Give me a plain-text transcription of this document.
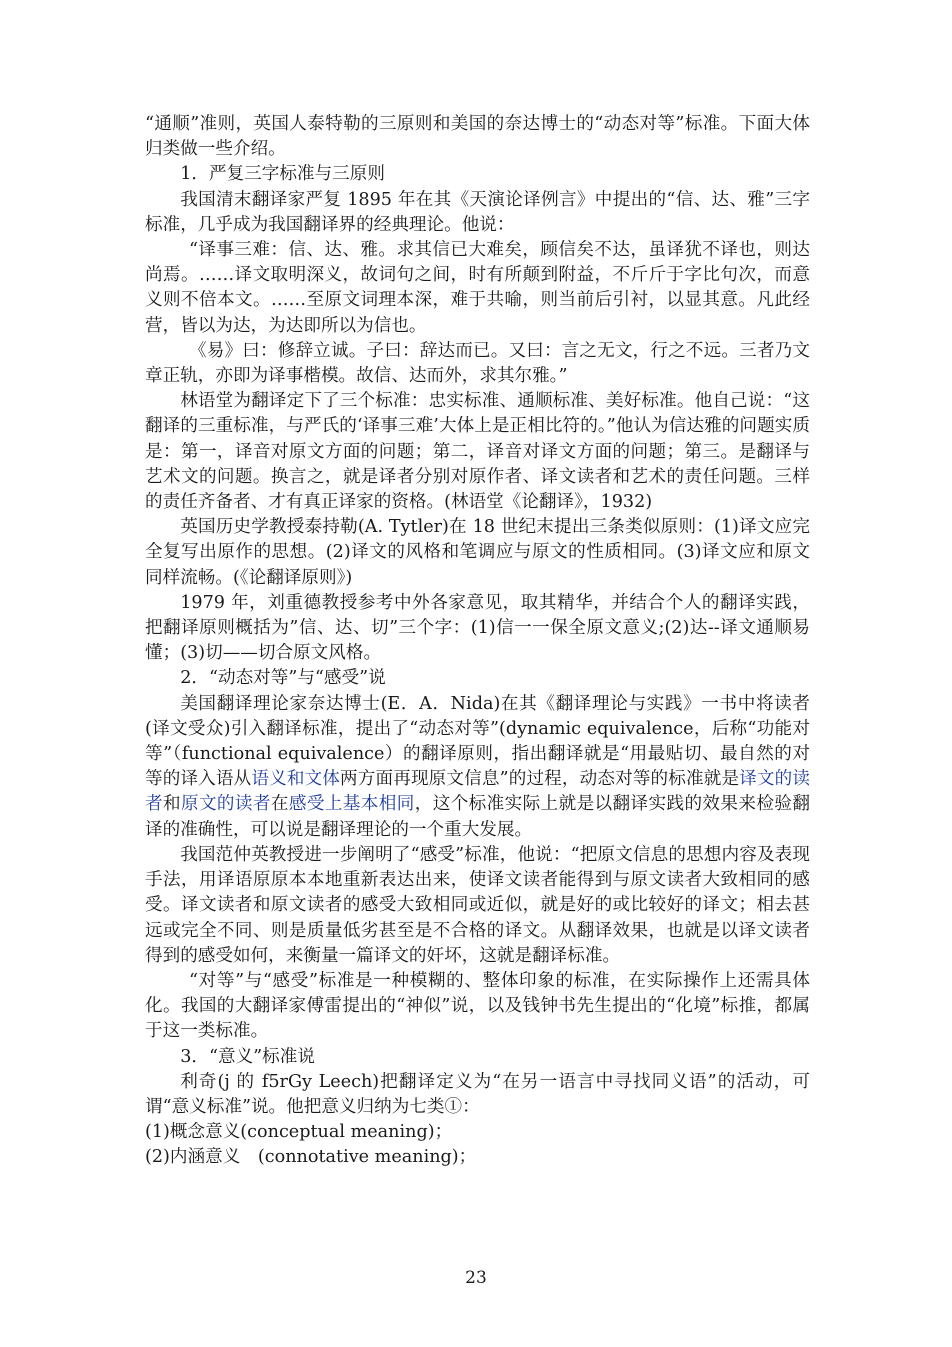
“通顺”准则，英国人泰特勒的三原则和美国的奈达博士的“动态对等”标准。下面大体归类做一些介绍。

1．严复三字标准与三原则

我国清末翻译家严复 1895 年在其《天演论译例言》中提出的“信、达、雅”三字标准，几乎成为我国翻译界的经典理论。他说：

“译事三难：信、达、雅。求其信已大难矣，顾信矣不达，虽译犹不译也，则达尚焉。……译文取明深义，故词句之间，时有所颠到附益，不斤斤于字比句次，而意义则不倍本文。……至原文词理本深，难于共喻，则当前后引衬，以显其意。凡此经营，皆以为达，为达即所以为信也。

《易》曰：修辞立诚。子曰：辞达而已。又曰：言之无文，行之不远。三者乃文章正轨，亦即为译事楷模。故信、达而外，求其尔雅。”

林语堂为翻译定下了三个标准：忠实标准、通顺标准、美好标准。他自己说：“这翻译的三重标准，与严氏的‘译事三难’大体上是正相比符的。”他认为信达雅的问题实质是：第一，译音对原文方面的问题；第二，译音对译文方面的问题；第三。是翻译与艺术文的问题。换言之，就是译者分别对原作者、译文读者和艺术的责任问题。三样的责任齐备者、才有真正译家的资格。(林语堂《论翻译》，1932)

英国历史学教授泰持勒(A. Tytler)在 18 世纪末提出三条类似原则：(1)译文应完全复写出原作的思想。(2)译文的风格和笔调应与原文的性质相同。(3)译文应和原文同样流畅。(《论翻译原则》)

1979 年，刘重德教授参考中外各家意见，取其精华，并结合个人的翻译实践，把翻译原则概括为”信、达、切”三个字：(1)信一一保全原文意义;(2)达--译文通顺易懂；(3)切——切合原文风格。

2．“动态对等”与“感受”说

美国翻译理论家奈达博士(E．A．Nida)在其《翻译理论与实践》一书中将读者(译文受众)引入翻译标准，提出了“动态对等”(dynamic equivalence，后称“功能对等”（functional equivalence）的翻译原则，指出翻译就是“用最贴切、最自然的对等的译入语从语义和文体两方面再现原文信息”的过程，动态对等的标准就是译文的读者和原文的读者在感受上基本相同，这个标准实际上就是以翻译实践的效果来检验翻译的准确性，可以说是翻译理论的一个重大发展。

我国范仲英教授进一步阐明了“感受”标准，他说：“把原文信息的思想内容及表现手法，用译语原原本本地重新表达出来，使译文读者能得到与原文读者大致相同的感受。译文读者和原文读者的感受大致相同或近似，就是好的或比较好的译文；相去甚远或完全不同、则是质量低劣甚至是不合格的译文。从翻译效果，也就是以译文读者得到的感受如何，来衡量一篇译文的奸坏，这就是翻译标准。

“对等”与“感受”标准是一种模糊的、整体印象的标准，在实际操作上还需具体化。我国的大翻译家傅雷提出的“神似”说，以及钱钟书先生提出的“化境”标推，都属于这一类标准。

3．“意义”标准说

利奇(j 的 f5rGy Leech)把翻译定义为“在另一语言中寻找同义语”的活动，可谓“意义标准”说。他把意义归纳为七类①：

(1)概念意义(conceptual meaning)；

(2)内涵意义　(connotative meaning)；

23
